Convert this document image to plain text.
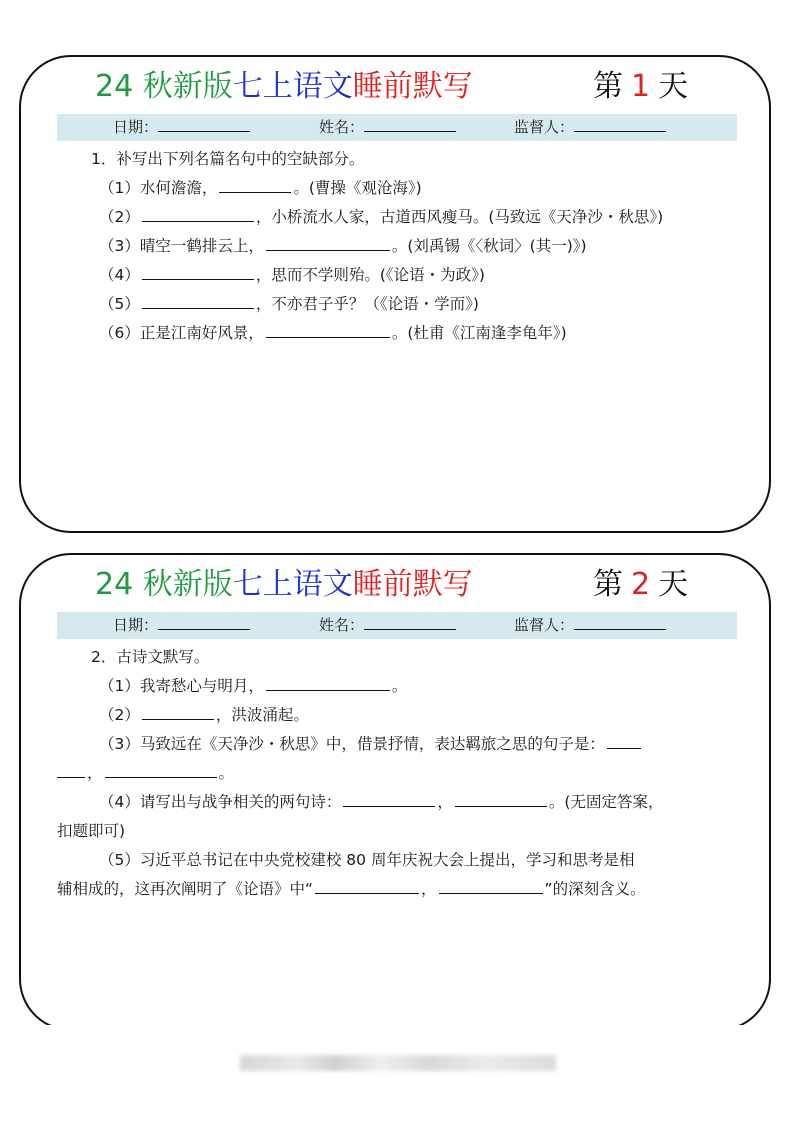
24 秋新版七上语文睡前默写	第 1 天
日期：	姓名：	监督人：
1．补写出下列名篇名句中的空缺部分。
（1）水何澹澹，	。(曹操《观沧海》)
（2）	，小桥流水人家，古道西风瘦马。(马致远《天净沙・秋思》)
（3）晴空一鹤排云上，	。(刘禹锡《〈秋词〉(其一)》)
（4）	，思而不学则殆。(《论语・为政》)
（5）	，不亦君子乎？（《论语・学而》)
（6）正是江南好风景，	。(杜甫《江南逢李龟年》)
24 秋新版七上语文睡前默写	第 2 天
日期：	姓名：	监督人：
2．古诗文默写。
（1）我寄愁心与明月，	。
（2）	，洪波涌起。
（3）马致远在《天净沙・秋思》中，借景抒情，表达羁旅之思的句子是：
，	。
（4）请写出与战争相关的两句诗：	，	。(无固定答案，
扣题即可)
（5）习近平总书记在中央党校建校 80 周年庆祝大会上提出，学习和思考是相
辅相成的，这再次阐明了《论语》中“	，	”的深刻含义。
